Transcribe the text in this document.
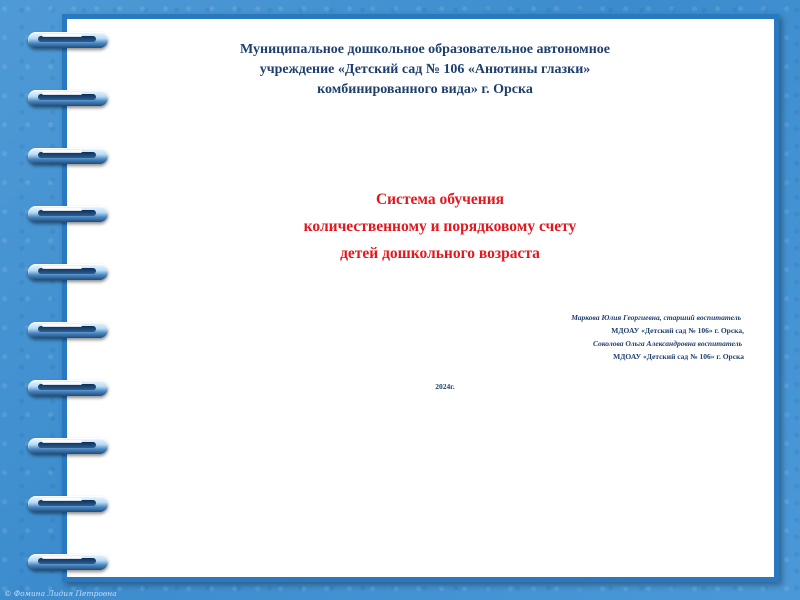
Муниципальное дошкольное образовательное автономное
учреждение «Детский сад № 106 «Анютины глазки»
комбинированного вида» г. Орска
Система обучения
количественному и порядковому счету
детей дошкольного возраста
Маркова Юлия Георгиевна, старший воспитатель
МДОАУ «Детский сад № 106» г. Орска,
Соколова Ольга Александровна воспитатель
МДОАУ «Детский сад № 106» г. Орска
2024г.
© Фомина Лидия Петровна
